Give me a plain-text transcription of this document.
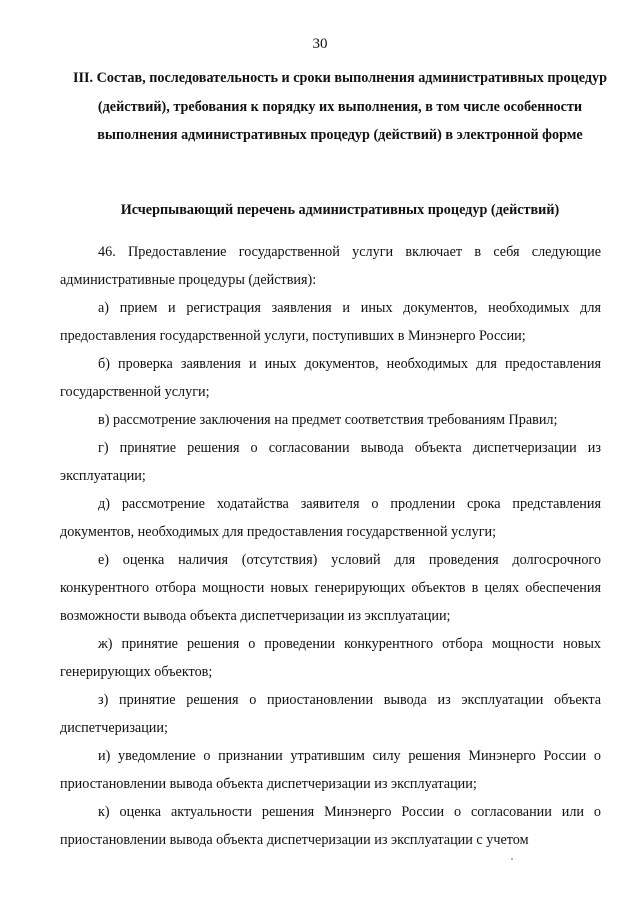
30
III. Состав, последовательность и сроки выполнения административных процедур (действий), требования к порядку их выполнения, в том числе особенности выполнения административных процедур (действий) в электронной форме
Исчерпывающий перечень административных процедур (действий)

46. Предоставление государственной услуги включает в себя следующие административные процедуры (действия):

а) прием и регистрация заявления и иных документов, необходимых для предоставления государственной услуги, поступивших в Минэнерго России;

б) проверка заявления и иных документов, необходимых для предоставления государственной услуги;

в) рассмотрение заключения на предмет соответствия требованиям Правил;

г) принятие решения о согласовании вывода объекта диспетчеризации из эксплуатации;

д) рассмотрение ходатайства заявителя о продлении срока представления документов, необходимых для предоставления государственной услуги;

е) оценка наличия (отсутствия) условий для проведения долгосрочного конкурентного отбора мощности новых генерирующих объектов в целях обеспечения возможности вывода объекта диспетчеризации из эксплуатации;

ж) принятие решения о проведении конкурентного отбора мощности новых генерирующих объектов;

з) принятие решения о приостановлении вывода из эксплуатации объекта диспетчеризации;

и) уведомление о признании утратившим силу решения Минэнерго России о приостановлении вывода объекта диспетчеризации из эксплуатации;

к) оценка актуальности решения Минэнерго России о согласовании или о приостановлении вывода объекта диспетчеризации из эксплуатации с учетом
